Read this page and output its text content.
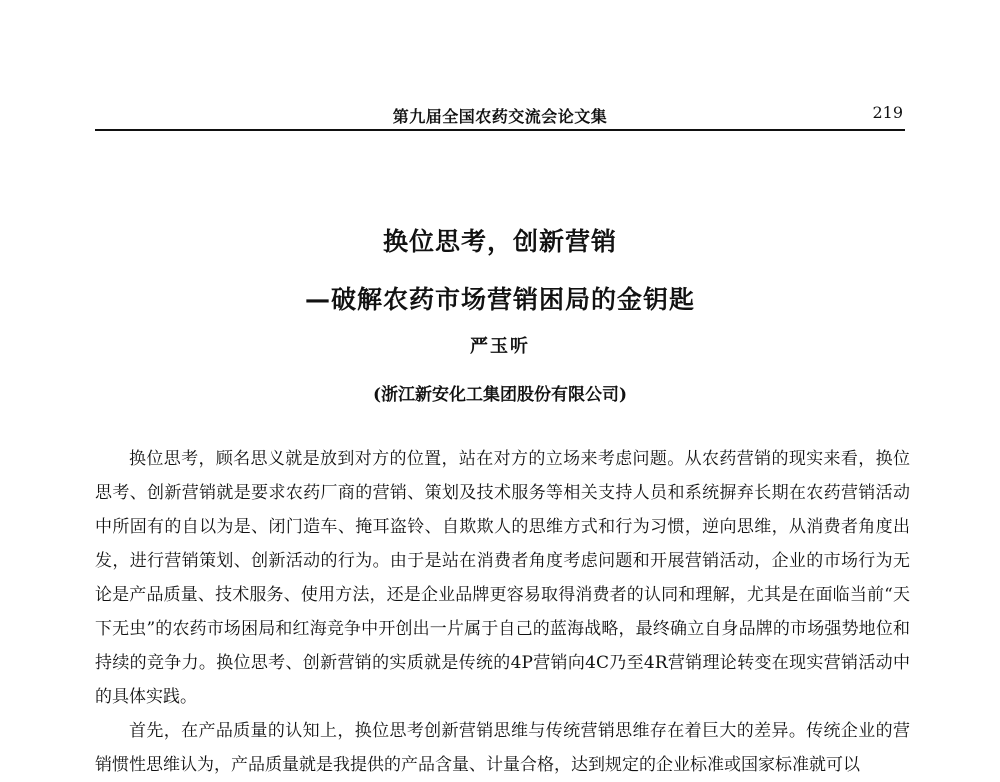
第九届全国农药交流会论文集	219
换位思考，创新营销
—破解农药市场营销困局的金钥匙
严玉听
(浙江新安化工集团股份有限公司)

换位思考，顾名思义就是放到对方的位置，站在对方的立场来考虑问题。从农药营销的现实来看，换位思考、创新营销就是要求农药厂商的营销、策划及技术服务等相关支持人员和系统摒弃长期在农药营销活动中所固有的自以为是、闭门造车、掩耳盗铃、自欺欺人的思维方式和行为习惯，逆向思维，从消费者角度出发，进行营销策划、创新活动的行为。由于是站在消费者角度考虑问题和开展营销活动，企业的市场行为无论是产品质量、技术服务、使用方法，还是企业品牌更容易取得消费者的认同和理解，尤其是在面临当前“天下无虫”的农药市场困局和红海竞争中开创出一片属于自己的蓝海战略，最终确立自身品牌的市场强势地位和持续的竞争力。换位思考、创新营销的实质就是传统的4P营销向4C乃至4R营销理论转变在现实营销活动中的具体实践。

首先，在产品质量的认知上，换位思考创新营销思维与传统营销思维存在着巨大的差异。传统企业的营销惯性思维认为，产品质量就是我提供的产品含量、计量合格，达到规定的企业标准或国家标准就可以
